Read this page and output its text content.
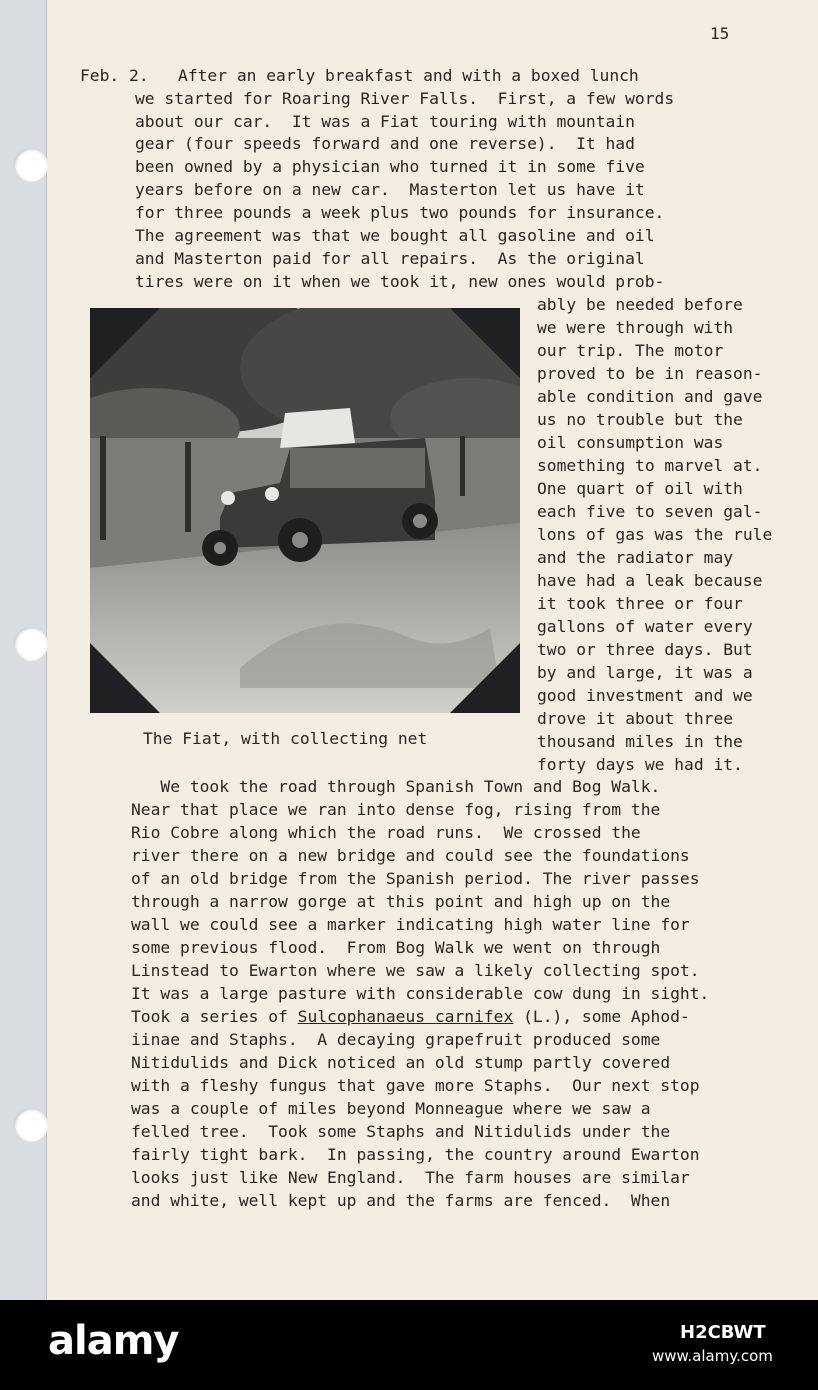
15
Feb. 2.   After an early breakfast and with a boxed lunch
we started for Roaring River Falls.  First, a few words
about our car.  It was a Fiat touring with mountain
gear (four speeds forward and one reverse).  It had
been owned by a physician who turned it in some five
years before on a new car.  Masterton let us have it
for three pounds a week plus two pounds for insurance.
The agreement was that we bought all gasoline and oil
and Masterton paid for all repairs.  As the original
tires were on it when we took it, new ones would prob-
ably be needed before
we were through with
our trip. The motor
proved to be in reason-
able condition and gave
us no trouble but the
oil consumption was
something to marvel at.
One quart of oil with
each five to seven gal-
lons of gas was the rule
and the radiator may
have had a leak because
it took three or four
gallons of water every
two or three days. But
by and large, it was a
good investment and we
drove it about three
thousand miles in the
forty days we had it.
The Fiat, with collecting net
We took the road through Spanish Town and Bog Walk.
Near that place we ran into dense fog, rising from the
Rio Cobre along which the road runs.  We crossed the
river there on a new bridge and could see the foundations
of an old bridge from the Spanish period. The river passes
through a narrow gorge at this point and high up on the
wall we could see a marker indicating high water line for
some previous flood.  From Bog Walk we went on through
Linstead to Ewarton where we saw a likely collecting spot.
It was a large pasture with considerable cow dung in sight.
Took a series of Sulcophanaeus carnifex (L.), some Aphod-
iinae and Staphs.  A decaying grapefruit produced some
Nitidulids and Dick noticed an old stump partly covered
with a fleshy fungus that gave more Staphs.  Our next stop
was a couple of miles beyond Monneague where we saw a
felled tree.  Took some Staphs and Nitidulids under the
fairly tight bark.  In passing, the country around Ewarton
looks just like New England.  The farm houses are similar
and white, well kept up and the farms are fenced.  When
alamy	H2CBWT
www.alamy.com
